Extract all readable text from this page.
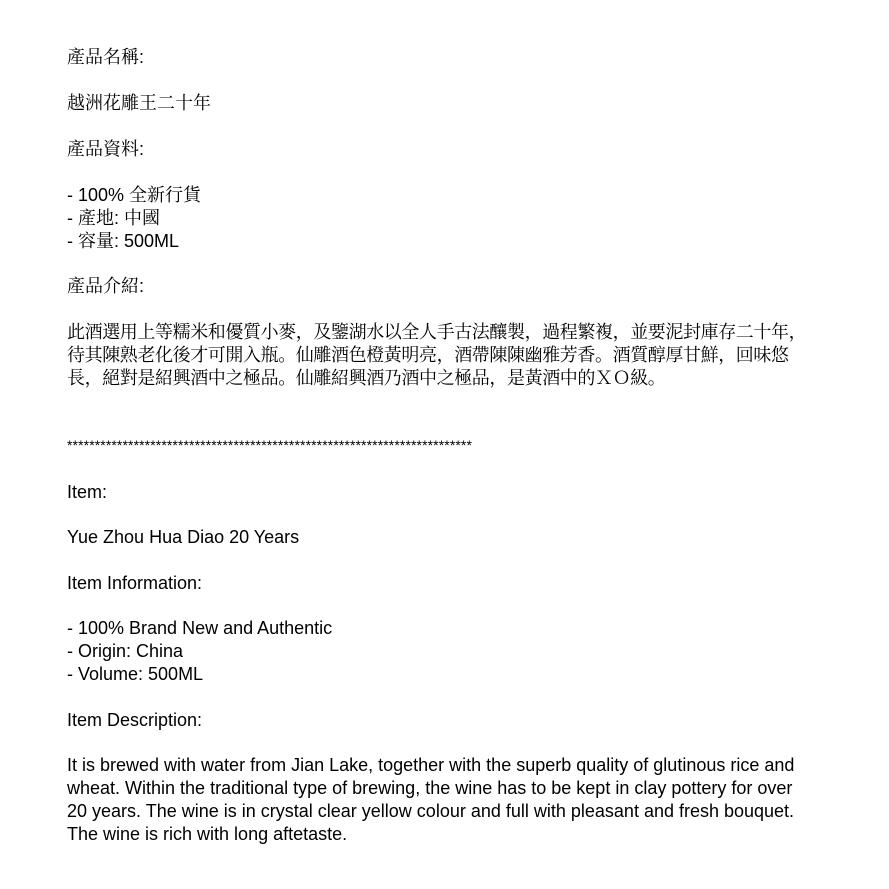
產品名稱:

越洲花雕王二十年

產品資料:

- 100% 全新行貨
- 產地: 中國
- 容量: 500ML

產品介紹:

此酒選用上等糯米和優質小麥，及鑒湖水以全人手古法釀製，過程繁複，並要泥封庫存二十年，待其陳熟老化後才可開入瓶。仙雕酒色橙黃明亮，酒帶陳陳幽雅芳香。酒質醇厚甘鮮，回味悠長，絕對是紹興酒中之極品。仙雕紹興酒乃酒中之極品，是黃酒中的ＸＯ級。

*************************************************************************

Item:

Yue Zhou Hua Diao 20 Years

Item Information:

- 100% Brand New and Authentic
- Origin: China
- Volume: 500ML

Item Description:

It is brewed with water from Jian Lake, together with the superb quality of glutinous rice and wheat. Within the traditional type of brewing, the wine has to be kept in clay pottery for over 20 years. The wine is in crystal clear yellow colour and full with pleasant and fresh bouquet. The wine is rich with long aftetaste.
